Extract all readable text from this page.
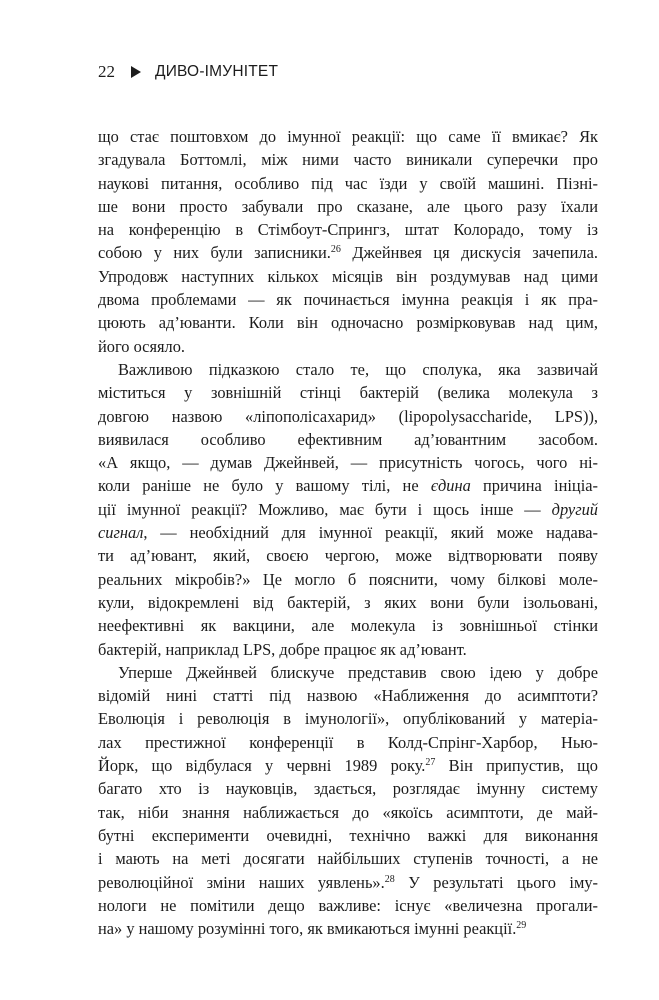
22	ДИВО-ІМУНІТЕТ
що стає поштовхом до імунної реакції: що саме її вмикає? Як
згадувала Боттомлі, між ними часто виникали суперечки про
наукові питання, особливо під час їзди у своїй машині. Пізні-
ше вони просто забували про сказане, але цього разу їхали
на конференцію в Стімбоут-Спрингз, штат Колорадо, тому із
собою у них були записники.$^{26}$ Джейнвея ця дискусія зачепила.
Упродовж наступних кількох місяців він роздумував над цими
двома проблемами — як починається імунна реакція і як пра-
цюють ад’юванти. Коли він одночасно розмірковував над цим,
його осяяло.
Важливою підказкою стало те, що сполука, яка зазвичай
міститься у зовнішній стінці бактерій (велика молекула з
довгою назвою «ліпополісахарид» (lipopolysaccharide, LPS)),
виявилася особливо ефективним ад’ювантним засобом.
«А якщо, — думав Джейнвей, — присутність чогось, чого ні-
коли раніше не було у вашому тілі, не єдина причина ініціа-
ції імунної реакції? Можливо, має бути і щось інше — другий
сигнал, — необхідний для імунної реакції, який може надава-
ти ад’ювант, який, своєю чергою, може відтворювати появу
реальних мікробів?» Це могло б пояснити, чому білкові моле-
кули, відокремлені від бактерій, з яких вони були ізольовані,
неефективні як вакцини, але молекула із зовнішньої стінки
бактерій, наприклад LPS, добре працює як ад’ювант.
Уперше Джейнвей блискуче представив свою ідею у добре
відомій нині статті під назвою «Наближення до асимптоти?
Еволюція і революція в імунології», опублікований у матеріа-
лах престижної конференції в Колд-Спрінг-Харбор, Нью-
Йорк, що відбулася у червні 1989 року.$^{27}$ Він припустив, що
багато хто із науковців, здається, розглядає імунну систему
так, ніби знання наближається до «якоїсь асимптоти, де май-
бутні експерименти очевидні, технічно важкі для виконання
і мають на меті досягати найбільших ступенів точності, а не
революційної зміни наших уявлень».$^{28}$ У результаті цього іму-
нологи не помітили дещо важливе: існує «величезна прогали-
на» у нашому розумінні того, як вмикаються імунні реакції.$^{29}$
